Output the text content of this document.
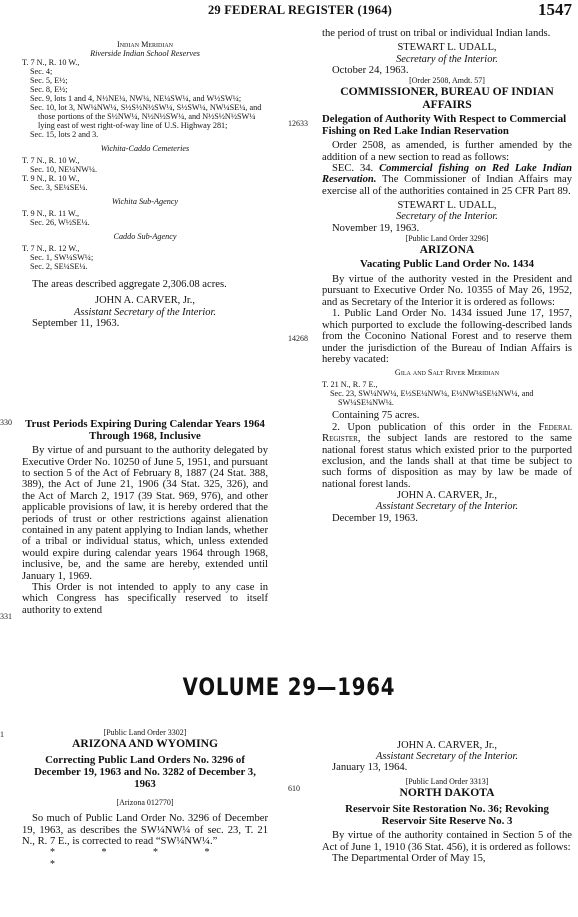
29 FEDERAL REGISTER (1964)	1547

Indian Meridian

Riverside Indian School Reserves

T. 7 N., R. 10 W.,

Sec. 4;

Sec. 5, E½;

Sec. 8, E½;

Sec. 9, lots 1 and 4, N½NE¼, NW¼, NE¼SW¼, and W½SW¼;

Sec. 10, lot 3, NW¼NW¼, S½S½N½SW¼, S½SW¼, NW¼SE¼, and those portions of the S½NW¼, N½N½SW¼, and N½S½N½SW¼ lying east of west right-of-way line of U.S. Highway 281;

Sec. 15, lots 2 and 3.

Wichita-Caddo Cemeteries

T. 7 N., R. 10 W.,

Sec. 10, NE¼NW¼.

T. 9 N., R. 10 W.,

Sec. 3, SE¼SE¼.

Wichita Sub-Agency

T. 9 N., R. 11 W.,

Sec. 26, W½SE¼.

Caddo Sub-Agency

T. 7 N., R. 12 W.,

Sec. 1, SW¼SW¼;

Sec. 2, SE¼SE¼.

The areas described aggregate 2,306.08 acres.

JOHN A. CARVER, Jr.,

Assistant Secretary of the Interior.

September 11, 1963.

330
331

Trust Periods Expiring During Calendar Years 1964 Through 1968, Inclusive

By virtue of and pursuant to the authority delegated by Executive Order No. 10250 of June 5, 1951, and pursuant to section 5 of the Act of February 8, 1887 (24 Stat. 388, 389), the Act of June 21, 1906 (34 Stat. 325, 326), and the Act of March 2, 1917 (39 Stat. 969, 976), and other applicable provisions of law, it is hereby ordered that the periods of trust or other restrictions against alienation contained in any patent applying to Indian lands, whether of a tribal or individual status, which, unless extended would expire during calendar years 1964 through 1968, inclusive, be, and the same are hereby, extended until January 1, 1969.

This Order is not intended to apply to any case in which Congress has specifically reserved to itself authority to extend

12633
14268

the period of trust on tribal or individual Indian lands.

STEWART L. UDALL,

Secretary of the Interior.

October 24, 1963.

[Order 2508, Amdt. 57]

COMMISSIONER, BUREAU OF INDIAN AFFAIRS

Delegation of Authority With Respect to Commercial Fishing on Red Lake Indian Reservation

Order 2508, as amended, is further amended by the addition of a new section to read as follows:

SEC. 34. Commercial fishing on Red Lake Indian Reservation. The Commissioner of Indian Affairs may exercise all of the authorities contained in 25 CFR Part 89.

STEWART L. UDALL,

Secretary of the Interior.

November 19, 1963.

[Public Land Order 3296]

ARIZONA

Vacating Public Land Order No. 1434

By virtue of the authority vested in the President and pursuant to Executive Order No. 10355 of May 26, 1952, and as Secretary of the Interior it is ordered as follows:

1. Public Land Order No. 1434 issued June 17, 1957, which purported to exclude the following-described lands from the Coconino National Forest and to reserve them under the jurisdiction of the Bureau of Indian Affairs is hereby vacated:

Gila and Salt River Meridian

T. 21 N., R. 7 E.,

Sec. 23, SW¼NW¼, E½SE¼NW¼, E½NW¼SE¼NW¼, and SW¼SE¼NW¼.

Containing 75 acres.

2. Upon publication of this order in the Federal Register, the subject lands are restored to the same national forest status which existed prior to the purported exclusion, and the lands shall at that time be subject to such forms of disposition as may by law be made of national forest lands.

JOHN A. CARVER, Jr.,

Assistant Secretary of the Interior.

December 19, 1963.

VOLUME 29—1964
1	[Public Land Order 3302]

ARIZONA AND WYOMING

Correcting Public Land Orders No. 3296 of December 19, 1963 and No. 3282 of December 3, 1963

[Arizona 012770]

So much of Public Land Order No. 3296 of December 19, 1963, as describes the SW¼NW¼ of sec. 23, T. 21 N., R. 7 E., is corrected to read “SW¼NW¼.”

* * * * *

610

JOHN A. CARVER, Jr.,

Assistant Secretary of the Interior.

January 13, 1964.

[Public Land Order 3313]

NORTH DAKOTA

Reservoir Site Restoration No. 36; Revoking Reservoir Site Reserve No. 3

By virtue of the authority contained in Section 5 of the Act of June 1, 1910 (36 Stat. 456), it is ordered as follows:

The Departmental Order of May 15,
